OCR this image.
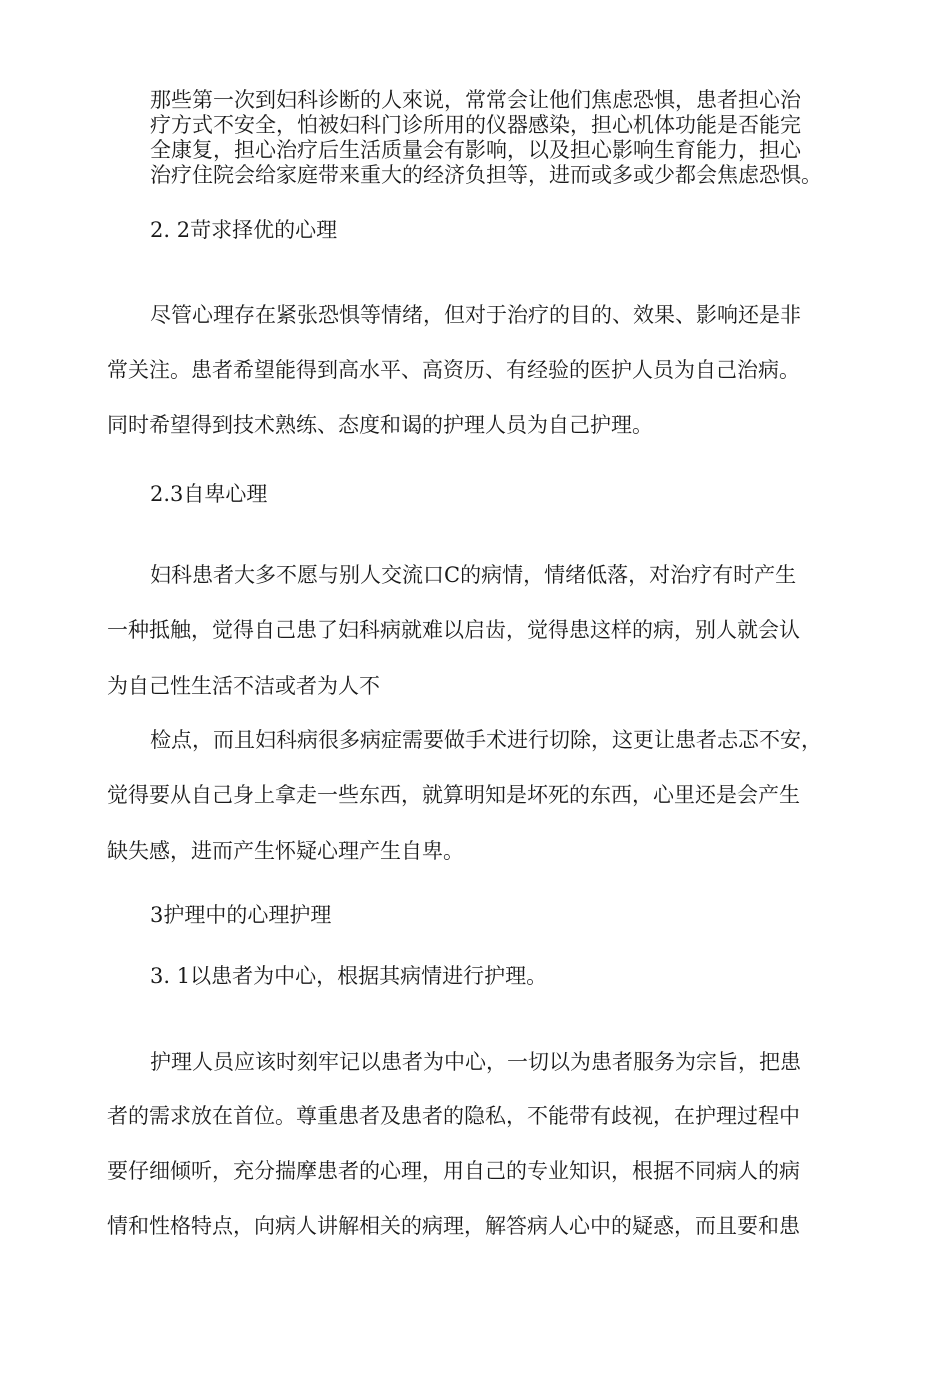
那些第一次到妇科诊断的人來说，常常会让他们焦虑恐惧，患者担心治
疗方式不安全，怕被妇科门诊所用的仪器感染，担心机体功能是否能完
全康复，担心治疗后生活质量会有影响，以及担心影响生育能力，担心
治疗住院会给家庭带来重大的经济负担等，进而或多或少都会焦虑恐惧。
2. 2苛求择优的心理
尽管心理存在紧张恐惧等情绪，但对于治疗的目的、效果、影响还是非
常关注。患者希望能得到高水平、高资历、有经验的医护人员为自己治病。
同时希望得到技术熟练、态度和谒的护理人员为自己护理。
2.3自卑心理
妇科患者大多不愿与别人交流口C的病情，情绪低落，对治疗有时产生
一种抵触，觉得自己患了妇科病就难以启齿，觉得患这样的病，别人就会认
为自己性生活不洁或者为人不
检点，而且妇科病很多病症需要做手术进行切除，这更让患者忐忑不安，
觉得要从自己身上拿走一些东西，就算明知是坏死的东西，心里还是会产生
缺失感，进而产生怀疑心理产生自卑。
3护理中的心理护理
3. 1以患者为中心，根据其病情进行护理。
护理人员应该时刻牢记以患者为中心，一切以为患者服务为宗旨，把患
者的需求放在首位。尊重患者及患者的隐私，不能带有歧视，在护理过程中
要仔细倾听，充分揣摩患者的心理，用自己的专业知识，根据不同病人的病
情和性格特点，向病人讲解相关的病理，解答病人心中的疑惑，而且要和患
